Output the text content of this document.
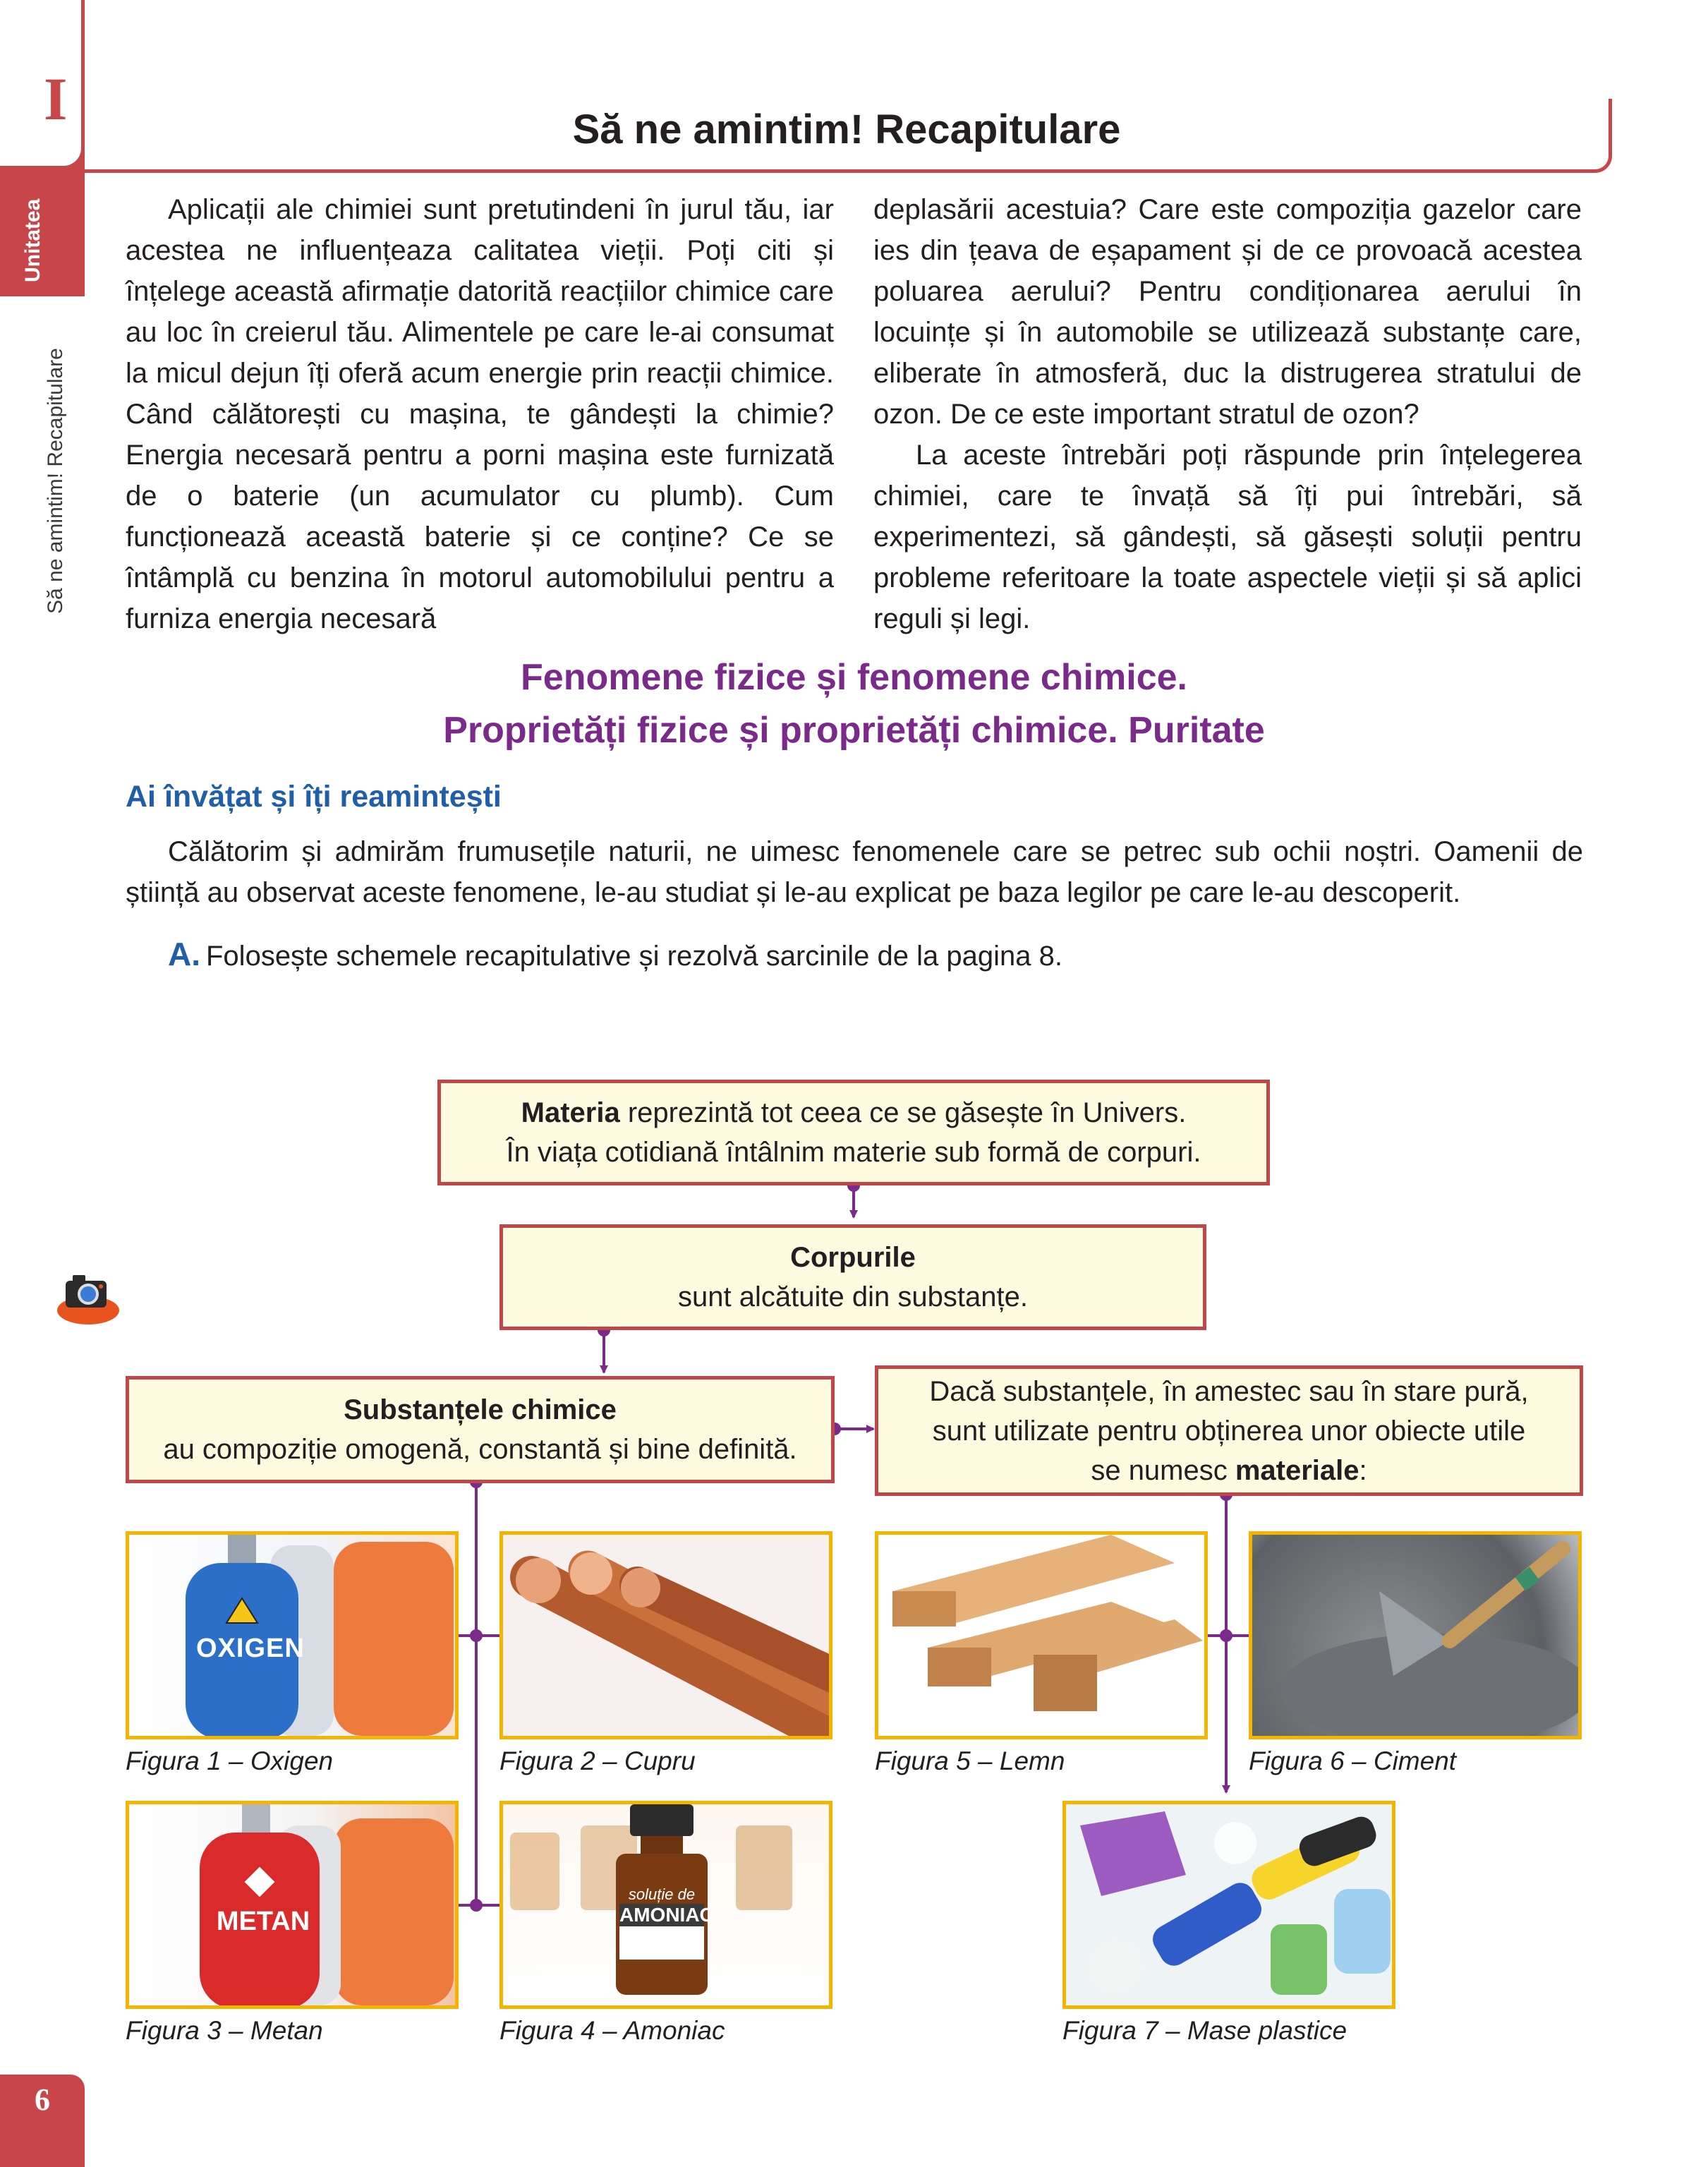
I
Unitatea
Să ne amintim! Recapitulare
Să ne amintim! Recapitulare

Aplicații ale chimiei sunt pretutindeni în jurul tău, iar acestea ne influențeaza calitatea vieții. Poți citi și înțelege această afirmație datorită reacțiilor chimice care au loc în creierul tău. Alimentele pe care le-ai consumat la micul dejun îți oferă acum energie prin reacții chimice. Când călătorești cu mașina, te gândești la chimie? Energia necesară pentru a porni mașina este furnizată de o baterie (un acumulator cu plumb). Cum funcționează această baterie și ce conține? Ce se întâmplă cu benzina în motorul automobilului pentru a furniza energia necesară

deplasării acestuia? Care este compoziția gazelor care ies din țeava de eșapament și de ce provoacă acestea poluarea aerului? Pentru condiționarea aerului în locuințe și în automobile se utilizează substanțe care, eliberate în atmosferă, duc la distrugerea stratului de ozon. De ce este important stratul de ozon?

La aceste întrebări poți răspunde prin înțelegerea chimiei, care te învață să îți pui întrebări, să experimentezi, să gândești, să găsești soluții pentru probleme referitoare la toate aspectele vieții și să aplici reguli și legi.

Fenomene fizice și fenomene chimice.
Proprietăți fizice și proprietăți chimice. Puritate
Ai învățat și îți reamintești
Călătorim și admirăm frumusețile naturii, ne uimesc fenomenele care se petrec sub ochii noștri. Oamenii de știință au observat aceste fenomene, le-au studiat și le-au explicat pe baza legilor pe care le-au descoperit.
A. Folosește schemele recapitulative și rezolvă sarcinile de la pagina 8.
Materia reprezintă tot ceea ce se găsește în Univers.
În viața cotidiană întâlnim materie sub formă de corpuri.
Corpurile
sunt alcătuite din substanțe.
Substanțele chimice
au compoziție omogenă, constantă și bine definită.
Dacă substanțele, în amestec sau în stare pură,
sunt utilizate pentru obținerea unor obiecte utile
se numesc materiale:
OXIGEN
Figura 1 – Oxigen	Figura 2 – Cupru	Figura 5 – Lemn	Figura 6 – Ciment
METAN
Figura 3 – Metan
soluție de
AMONIAC
Figura 4 – Amoniac	Figura 7 – Mase plastice
6
